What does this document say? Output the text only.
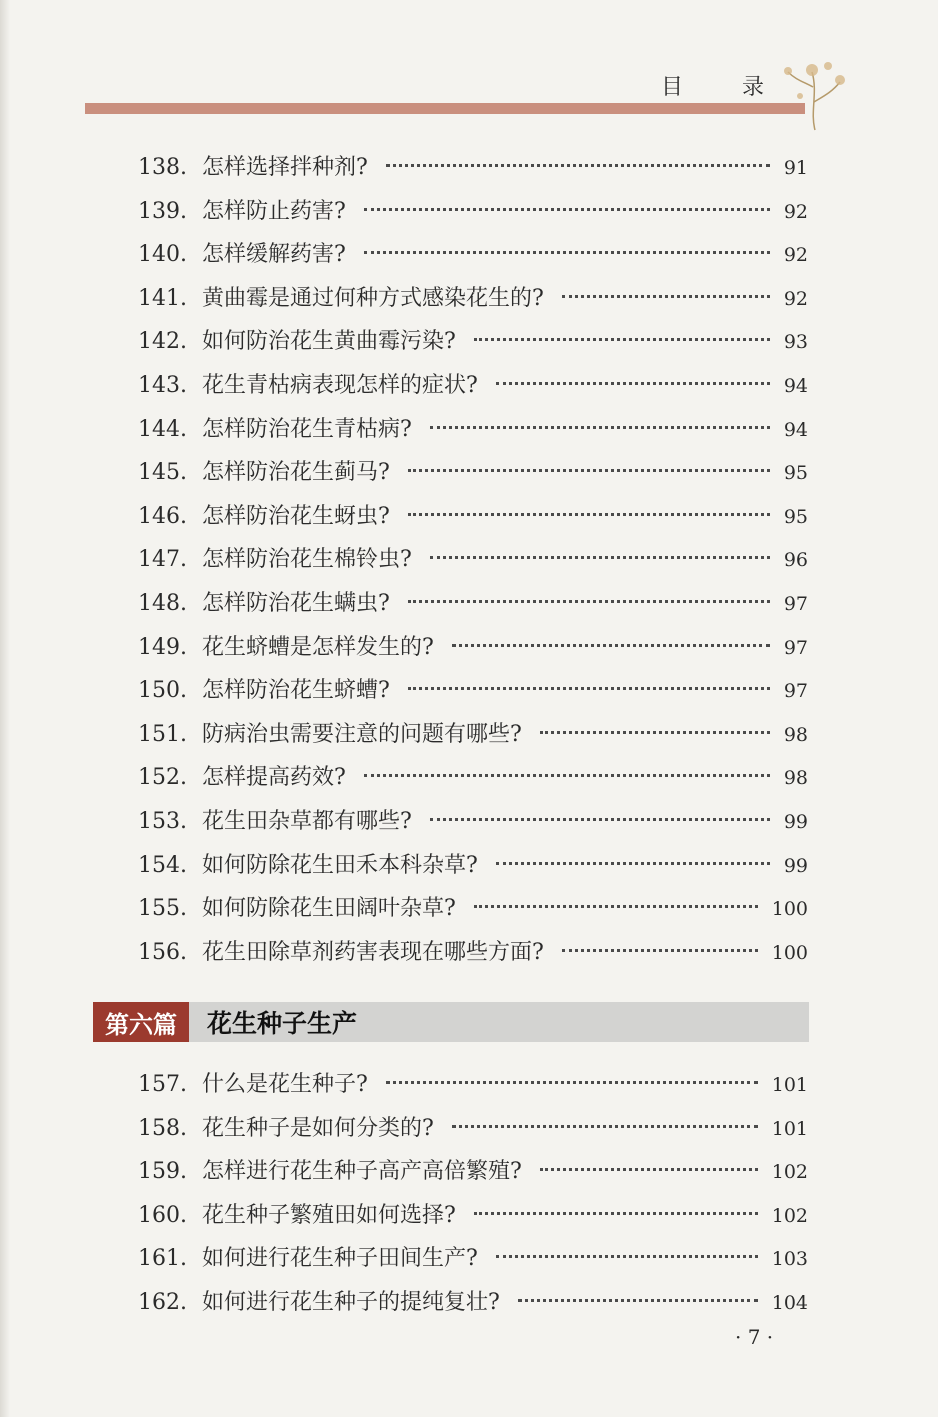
目 录
138. 怎样选择拌种剂?	91
139. 怎样防止药害?	92
140. 怎样缓解药害?	92
141. 黄曲霉是通过何种方式感染花生的?	92
142. 如何防治花生黄曲霉污染?	93
143. 花生青枯病表现怎样的症状?	94
144. 怎样防治花生青枯病?	94
145. 怎样防治花生蓟马?	95
146. 怎样防治花生蚜虫?	95
147. 怎样防治花生棉铃虫?	96
148. 怎样防治花生螨虫?	97
149. 花生蛴螬是怎样发生的?	97
150. 怎样防治花生蛴螬?	97
151. 防病治虫需要注意的问题有哪些?	98
152. 怎样提高药效?	98
153. 花生田杂草都有哪些?	99
154. 如何防除花生田禾本科杂草?	99
155. 如何防除花生田阔叶杂草?	100
156. 花生田除草剂药害表现在哪些方面?	100
第六篇	花生种子生产
157. 什么是花生种子?	101
158. 花生种子是如何分类的?	101
159. 怎样进行花生种子高产高倍繁殖?	102
160. 花生种子繁殖田如何选择?	102
161. 如何进行花生种子田间生产?	103
162. 如何进行花生种子的提纯复壮?	104
· 7 ·
